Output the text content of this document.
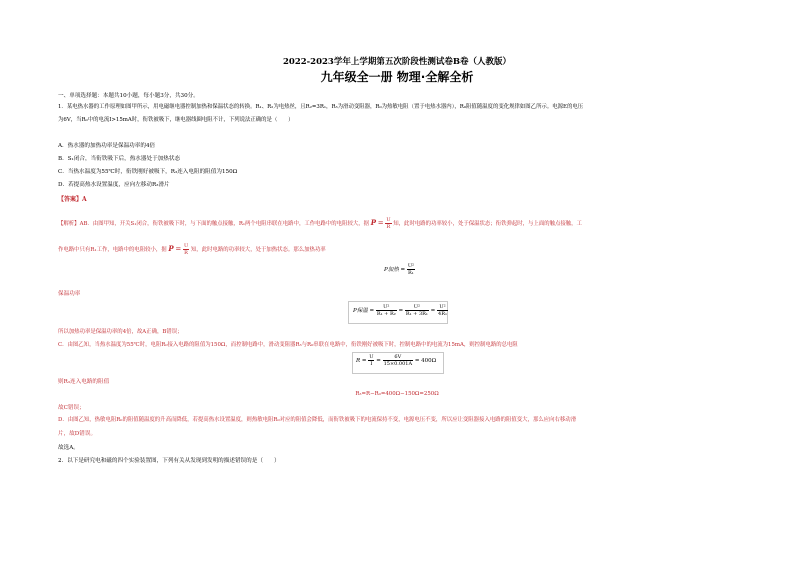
2022-2023学年上学期第五次阶段性测试卷B卷（人教版）
九年级全一册 物理·全解全析
一、单项选择题：本题共10小题，每小题3分，共30分。
1．某电热水器的工作原理如图甲所示，用电磁继电器控制加热和保温状态的转换。R₁、R₂为电热丝，且R₂=3R₁，R₃为滑动变阻器，R₀为热敏电阻（置于电热水器内），R₀阻值随温度的变化规律如图乙所示。电源E的电压
为6V，当R₀中的电流I>15mA时，衔铁被吸下，继电器线圈电阻不计，下列说法正确的是（　　）
A．热水器的加热功率是保温功率的4倍
B．S₁闭合，当衔铁吸下后，热水器处于加热状态
C．当热水温度为55℃时，衔铁刚好被吸下，R₃连入电阻的阻值为150Ω
D．若提高热水设置温度，应向左移动R₃滑片
【答案】A
【解析】AB．由图甲知，开关S₁闭合，衔铁被吸下时，与下面的触点接触，R₁两个电阻串联在电路中，工作电路中的电阻较大，据 $P = \frac{U}{R}$ 知，此时电路的功率较小，处于保温状态；衔铁弹起时，与上面的触点接触，工
作电路中只有R₁工作，电路中的电阻较小，据 $P = \frac{U}{R}$ 知，此时电路的功率较大，处于加热状态。那么加热功率
P加热 = $\frac{\text{U²}}{\text{R₁}}$
保温功率
P保温 = $\frac{\text{U²}}{\text{R₁ + R₂}} = \frac{\text{U²}}{\text{R₁ + 3R₁}} = \frac{\text{U²}}{\text{4R₁}}$
所以加热功率是保温功率的4倍，故A正确，B错误；
C．由图乙知，当热水温度为55℃时，电阻R₀接入电路的阻值为150Ω，而控制电路中，滑动变阻器R₃与R₀串联在电路中，衔铁刚好被吸下时，控制电路中的电流为15mA，则控制电路的总电阻
$R = \frac{U}{I} = \frac{6V}{15\times 0.001A} = 400\Omega$
则R₃连入电路的阻值
R₃=R−R₀=400Ω−150Ω=250Ω
故C错误；
D．由图乙知，热敏电阻R₀的阻值随温度的升高而降低，若提高热水设置温度，则热敏电阻R₀对应的阻值会降低，而衔铁被吸下的电流保持不变，电源电压不变，所以应让变阻器接入电路的阻值变大，那么应向右移动滑
片，故D错误。
故选A。
2．以下是研究电和磁的四个实验装置图，下列有关从发现到发明的描述错误的是（　　）
